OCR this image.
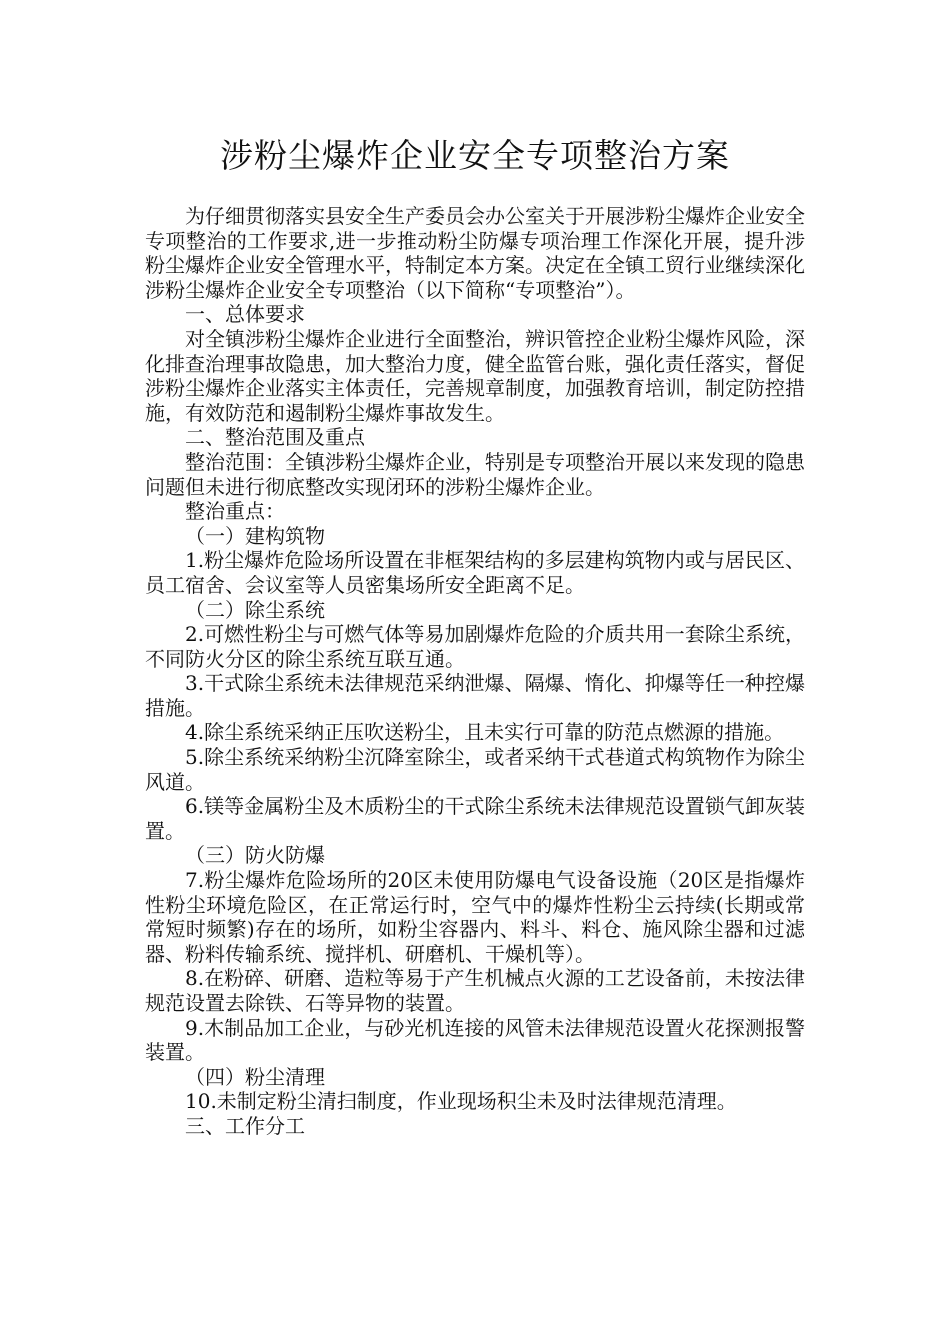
涉粉尘爆炸企业安全专项整治方案

为仔细贯彻落实县安全生产委员会办公室关于开展涉粉尘爆炸企业安全专项整治的工作要求,进一步推动粉尘防爆专项治理工作深化开展，提升涉粉尘爆炸企业安全管理水平，特制定本方案。决定在全镇工贸行业继续深化涉粉尘爆炸企业安全专项整治（以下简称“专项整治”）。

一、总体要求

对全镇涉粉尘爆炸企业进行全面整治，辨识管控企业粉尘爆炸风险，深化排查治理事故隐患，加大整治力度，健全监管台账，强化责任落实，督促涉粉尘爆炸企业落实主体责任，完善规章制度，加强教育培训，制定防控措施，有效防范和遏制粉尘爆炸事故发生。

二、整治范围及重点

整治范围：全镇涉粉尘爆炸企业，特别是专项整治开展以来发现的隐患问题但未进行彻底整改实现闭环的涉粉尘爆炸企业。

整治重点：

（一）建构筑物

1.粉尘爆炸危险场所设置在非框架结构的多层建构筑物内或与居民区、员工宿舍、会议室等人员密集场所安全距离不足。

（二）除尘系统

2.可燃性粉尘与可燃气体等易加剧爆炸危险的介质共用一套除尘系统，不同防火分区的除尘系统互联互通。

3.干式除尘系统未法律规范采纳泄爆、隔爆、惰化、抑爆等任一种控爆措施。

4.除尘系统采纳正压吹送粉尘，且未实行可靠的防范点燃源的措施。

5.除尘系统采纳粉尘沉降室除尘，或者采纳干式巷道式构筑物作为除尘风道。

6.镁等金属粉尘及木质粉尘的干式除尘系统未法律规范设置锁气卸灰装置。

（三）防火防爆

7.粉尘爆炸危险场所的20区未使用防爆电气设备设施（20区是指爆炸性粉尘环境危险区，在正常运行时，空气中的爆炸性粉尘云持续(长期或常常短时频繁)存在的场所，如粉尘容器内、料斗、料仓、施风除尘器和过滤器、粉料传输系统、搅拌机、研磨机、干燥机等）。

8.在粉碎、研磨、造粒等易于产生机械点火源的工艺设备前，未按法律规范设置去除铁、石等异物的装置。

9.木制品加工企业，与砂光机连接的风管未法律规范设置火花探测报警装置。

（四）粉尘清理

10.未制定粉尘清扫制度，作业现场积尘未及时法律规范清理。

三、工作分工
